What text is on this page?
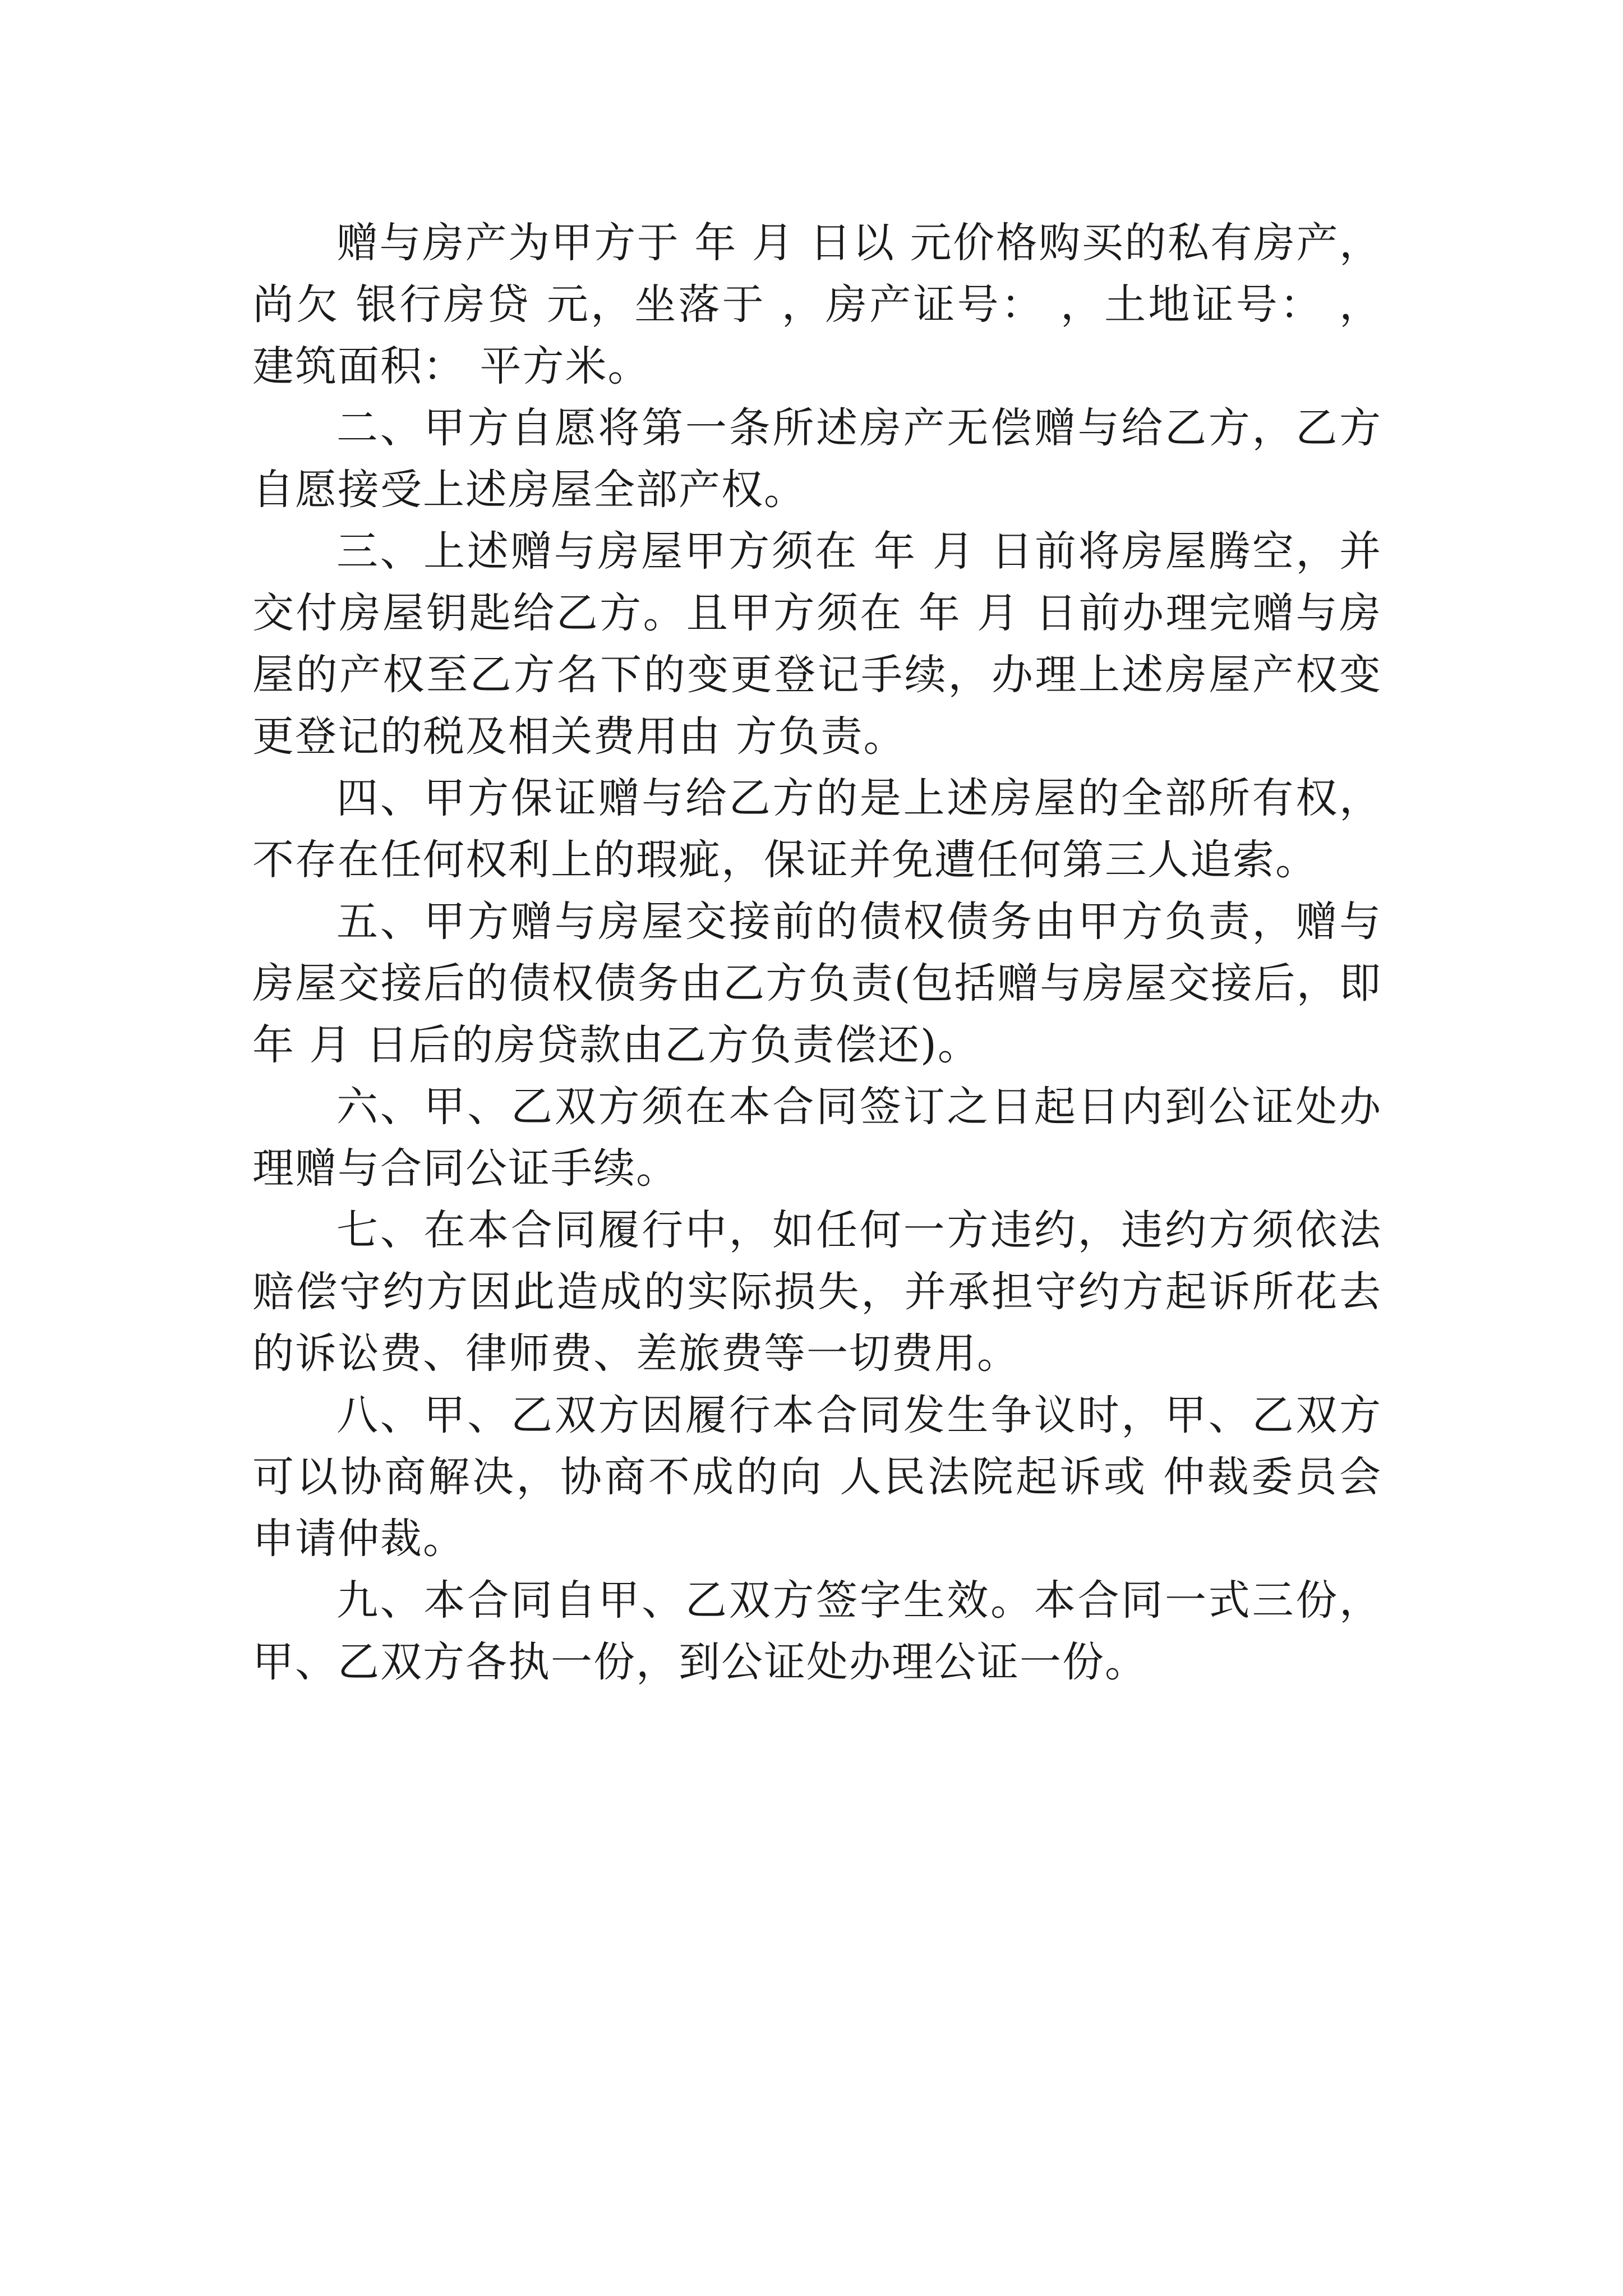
赠与房产为甲方于 年 月 日以 元价格购买的私有房产，尚欠 银行房贷 元，坐落于 ，房产证号： ，土地证号： ，建筑面积： 平方米。

二、甲方自愿将第一条所述房产无偿赠与给乙方，乙方自愿接受上述房屋全部产权。

三、上述赠与房屋甲方须在 年 月 日前将房屋腾空，并交付房屋钥匙给乙方。且甲方须在 年 月 日前办理完赠与房屋的产权至乙方名下的变更登记手续，办理上述房屋产权变更登记的税及相关费用由 方负责。

四、甲方保证赠与给乙方的是上述房屋的全部所有权，不存在任何权利上的瑕疵，保证并免遭任何第三人追索。

五、甲方赠与房屋交接前的债权债务由甲方负责，赠与房屋交接后的债权债务由乙方负责(包括赠与房屋交接后，即 年 月 日后的房贷款由乙方负责偿还)。

六、甲、乙双方须在本合同签订之日起日内到公证处办理赠与合同公证手续。

七、在本合同履行中，如任何一方违约，违约方须依法赔偿守约方因此造成的实际损失，并承担守约方起诉所花去的诉讼费、律师费、差旅费等一切费用。

八、甲、乙双方因履行本合同发生争议时，甲、乙双方可以协商解决，协商不成的向 人民法院起诉或 仲裁委员会申请仲裁。

九、本合同自甲、乙双方签字生效。本合同一式三份，甲、乙双方各执一份，到公证处办理公证一份。
